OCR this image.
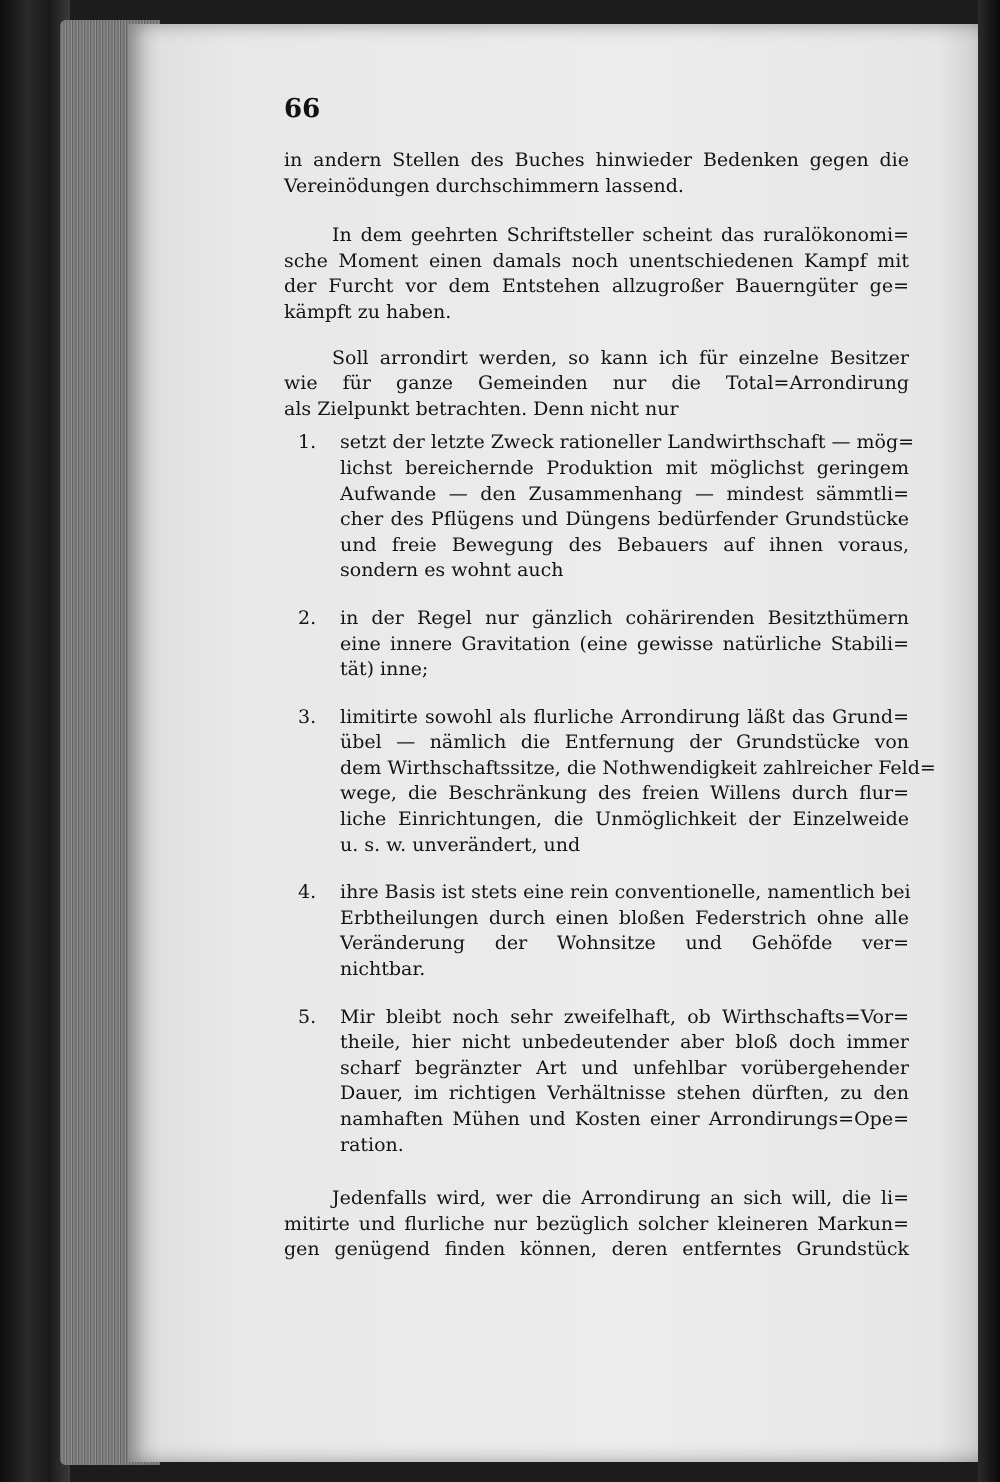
66
in andern Stellen des Buches hinwieder Bedenken gegen die
Vereinödungen durchschimmern lassend.
In dem geehrten Schriftsteller scheint das ruralökonomi=
sche Moment einen damals noch unentschiedenen Kampf mit
der Furcht vor dem Entstehen allzugroßer Bauerngüter ge=
kämpft zu haben.
Soll arrondirt werden, so kann ich für einzelne Besitzer
wie für ganze Gemeinden nur die Total=Arrondirung
als Zielpunkt betrachten. Denn nicht nur
1. setzt der letzte Zweck rationeller Landwirthschaft — mög=
lichst bereichernde Produktion mit möglichst geringem
Aufwande — den Zusammenhang — mindest sämmtli=
cher des Pflügens und Düngens bedürfender Grundstücke
und freie Bewegung des Bebauers auf ihnen voraus,
sondern es wohnt auch
2. in der Regel nur gänzlich cohärirenden Besitzthümern
eine innere Gravitation (eine gewisse natürliche Stabili=
tät) inne;
3. limitirte sowohl als flurliche Arrondirung läßt das Grund=
übel — nämlich die Entfernung der Grundstücke von
dem Wirthschaftssitze, die Nothwendigkeit zahlreicher Feld=
wege, die Beschränkung des freien Willens durch flur=
liche Einrichtungen, die Unmöglichkeit der Einzelweide
u. s. w. unverändert, und
4. ihre Basis ist stets eine rein conventionelle, namentlich bei
Erbtheilungen durch einen bloßen Federstrich ohne alle
Veränderung der Wohnsitze und Gehöfde ver=
nichtbar.
5. Mir bleibt noch sehr zweifelhaft, ob Wirthschafts=Vor=
theile, hier nicht unbedeutender aber bloß doch immer
scharf begränzter Art und unfehlbar vorübergehender
Dauer, im richtigen Verhältnisse stehen dürften, zu den
namhaften Mühen und Kosten einer Arrondirungs=Ope=
ration.
Jedenfalls wird, wer die Arrondirung an sich will, die li=
mitirte und flurliche nur bezüglich solcher kleineren Markun=
gen genügend finden können, deren entferntes Grundstück
